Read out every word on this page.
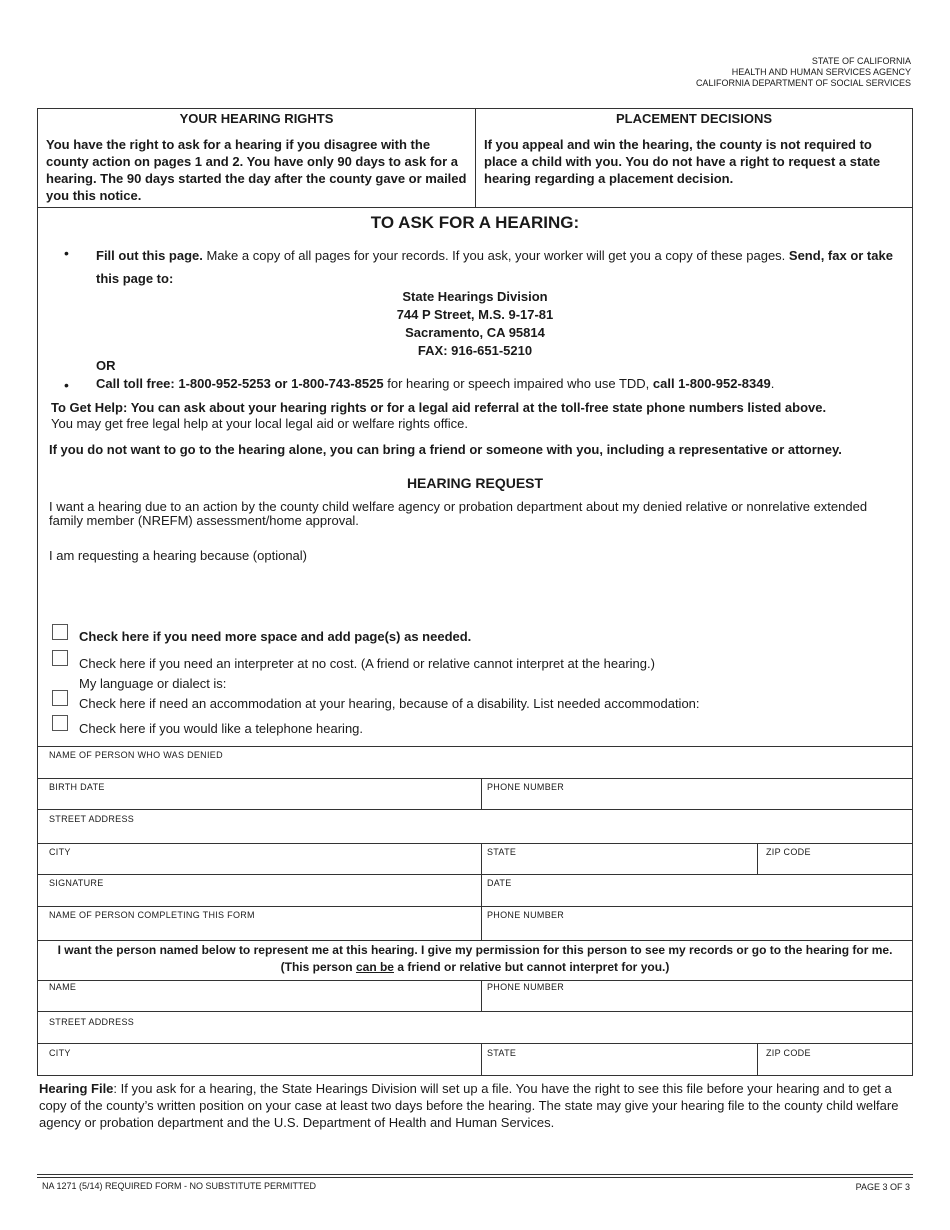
STATE OF CALIFORNIA
HEALTH AND HUMAN SERVICES AGENCY
CALIFORNIA DEPARTMENT OF SOCIAL SERVICES
YOUR HEARING RIGHTS
You have the right to ask for a hearing if you disagree with the county action on pages 1 and 2. You have only 90 days to ask for a hearing. The 90 days started the day after the county gave or mailed you this notice.
PLACEMENT DECISIONS
If you appeal and win the hearing, the county is not required to place a child with you. You do not have a right to request a state hearing regarding a placement decision.
TO ASK FOR A HEARING:
• Fill out this page. Make a copy of all pages for your records. If you ask, your worker will get you a copy of these pages. Send, fax or take this page to:
State Hearings Division
744 P Street, M.S. 9-17-81
Sacramento, CA 95814
FAX: 916-651-5210
OR
• Call toll free: 1-800-952-5253 or 1-800-743-8525 for hearing or speech impaired who use TDD, call 1-800-952-8349.
To Get Help: You can ask about your hearing rights or for a legal aid referral at the toll-free state phone numbers listed above.
You may get free legal help at your local legal aid or welfare rights office.
If you do not want to go to the hearing alone, you can bring a friend or someone with you, including a representative or attorney.
HEARING REQUEST
I want a hearing due to an action by the county child welfare agency or probation department about my denied relative or nonrelative extended family member (NREFM) assessment/home approval.
I am requesting a hearing because (optional)
Check here if you need more space and add page(s) as needed.
Check here if you need an interpreter at no cost. (A friend or relative cannot interpret at the hearing.)
My language or dialect is:
Check here if need an accommodation at your hearing, because of a disability. List needed accommodation:
Check here if you would like a telephone hearing.
NAME OF PERSON WHO WAS DENIED
BIRTH DATE	PHONE NUMBER
STREET ADDRESS
CITY	STATE	ZIP CODE
SIGNATURE	DATE
NAME OF PERSON COMPLETING THIS FORM	PHONE NUMBER
I want the person named below to represent me at this hearing. I give my permission for this person to see my records or go to the hearing for me.
(This person can be a friend or relative but cannot interpret for you.)
NAME	PHONE NUMBER
STREET ADDRESS
CITY	STATE	ZIP CODE
Hearing File: If you ask for a hearing, the State Hearings Division will set up a file. You have the right to see this file before your hearing and to get a copy of the county’s written position on your case at least two days before the hearing. The state may give your hearing file to the county child welfare agency or probation department and the U.S. Department of Health and Human Services.
NA 1271 (5/14) REQUIRED FORM - NO SUBSTITUTE PERMITTED	PAGE 3 OF 3
